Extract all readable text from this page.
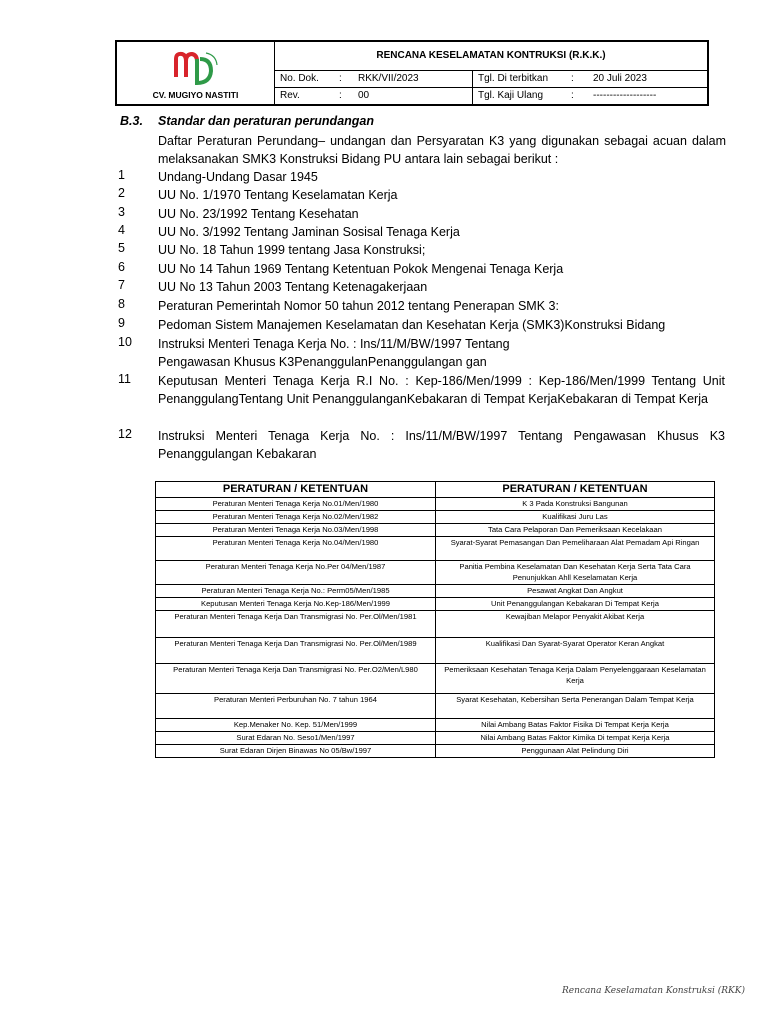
CV. MUGIYO NASTITI
RENCANA KESELAMATAN KONTRUKSI (R.K.K.)
No. Dok. : RKK/VII/2023	Tgl. Di terbitkan : 20 Juli 2023
Rev.	: 00	Tgl. Kaji Ulang	: -------------------
B.3. Standar dan peraturan perundangan
Daftar Peraturan Perundang– undangan dan Persyaratan K3 yang digunakan sebagai acuan dalam melaksanakan SMK3 Konstruksi Bidang PU antara lain sebagai berikut :
1	Undang-Undang Dasar 1945
2	UU No. 1/1970 Tentang Keselamatan Kerja
3	UU No. 23/1992 Tentang Kesehatan
4	UU No. 3/1992 Tentang Jaminan Sosisal Tenaga Kerja
5	UU No. 18 Tahun 1999 tentang Jasa Konstruksi;
6	UU No 14 Tahun 1969 Tentang Ketentuan Pokok Mengenai Tenaga Kerja
7	UU No 13 Tahun 2003 Tentang Ketenagakerjaan
8	Peraturan Pemerintah Nomor 50 tahun 2012 tentang Penerapan SMK 3:
9	Pedoman Sistem Manajemen Keselamatan dan Kesehatan Kerja (SMK3)Konstruksi Bidang
10 Instruksi Menteri Tenaga Kerja No. : Ins/11/M/BW/1997 Tentang
Pengawasan Khusus K3PenanggulanPenanggulangan gan
11 Keputusan Menteri Tenaga Kerja R.I No. : Kep-186/Men/1999 : Kep-186/Men/1999 Tentang Unit PenanggulangTentang Unit PenanggulanganKebakaran di Tempat KerjaKebakaran di Tempat Kerja
12 Instruksi Menteri Tenaga Kerja No. : Ins/11/M/BW/1997 Tentang Pengawasan Khusus K3 Penanggulangan Kebakaran
PERATURAN / KETENTUAN	PERATURAN / KETENTUAN
Peraturan Menteri Tenaga Kerja No.01/Men/1980	K 3 Pada Konstruksi Bangunan
Peraturan Menteri Tenaga Kerja No.02/Men/1982	Kualifikasi Juru Las
Peraturan Menteri Tenaga Kerja No.03/Men/1998	Tata Cara Pelaporan Dan Pemeriksaan Kecelakaan
Peraturan Menteri Tenaga Kerja No.04/Men/1980	Syarat-Syarat Pemasangan Dan Pemeliharaan Alat Pemadam Api Ringan
Peraturan Menteri Tenaga Kerja No.Per 04/Men/1987	Panitia Pembina Keselamatan Dan Kesehatan Kerja Serta Tata Cara Penunjukkan Ahll Keselamatan Kerja
Peraturan Menteri Tenaga Kerja No.: Perm05/Men/1985	Pesawat Angkat Dan Angkut
Keputusan Menteri Tenaga Kerja No.Kep-186/Men/1999	Unit Penanggulangan Kebakaran Di Tempat Kerja
Peraturan Menteri Tenaga Kerja Dan Transmigrasi No. Per.Ol/Men/1981	Kewajiban Melapor Penyakit Akibat Kerja
Peraturan Menteri Tenaga Kerja Dan Transmigrasi No. Per.Ol/Men/1989	Kualifikasi Dan Syarat-Syarat Operator Keran Angkat
Peraturan Menteri Tenaga Kerja Dan Transmigrasi No. Per.O2/Men/L980	Pemeriksaan Kesehatan Tenaga Kerja Dalam Penyelenggaraan Keselamatan Kerja
Peraturan Menteri Perburuhan No. 7 tahun 1964	Syarat Kesehatan, Kebersihan Serta Penerangan Dalam Tempat Kerja
Kep.Menaker No. Kep. 51/Men/1999	Nilai Ambang Batas Faktor Fisika Di Tempat Kerja Kerja
Surat Edaran No. Seso1/Men/1997	Nilai Ambang Batas Faktor Kimika Di tempat Kerja Kerja
Surat Edaran Dirjen Binawas No 05/Bw/1997	Penggunaan Alat Pelindung Diri
Rencana Keselamatan Konstruksi (RKK)
